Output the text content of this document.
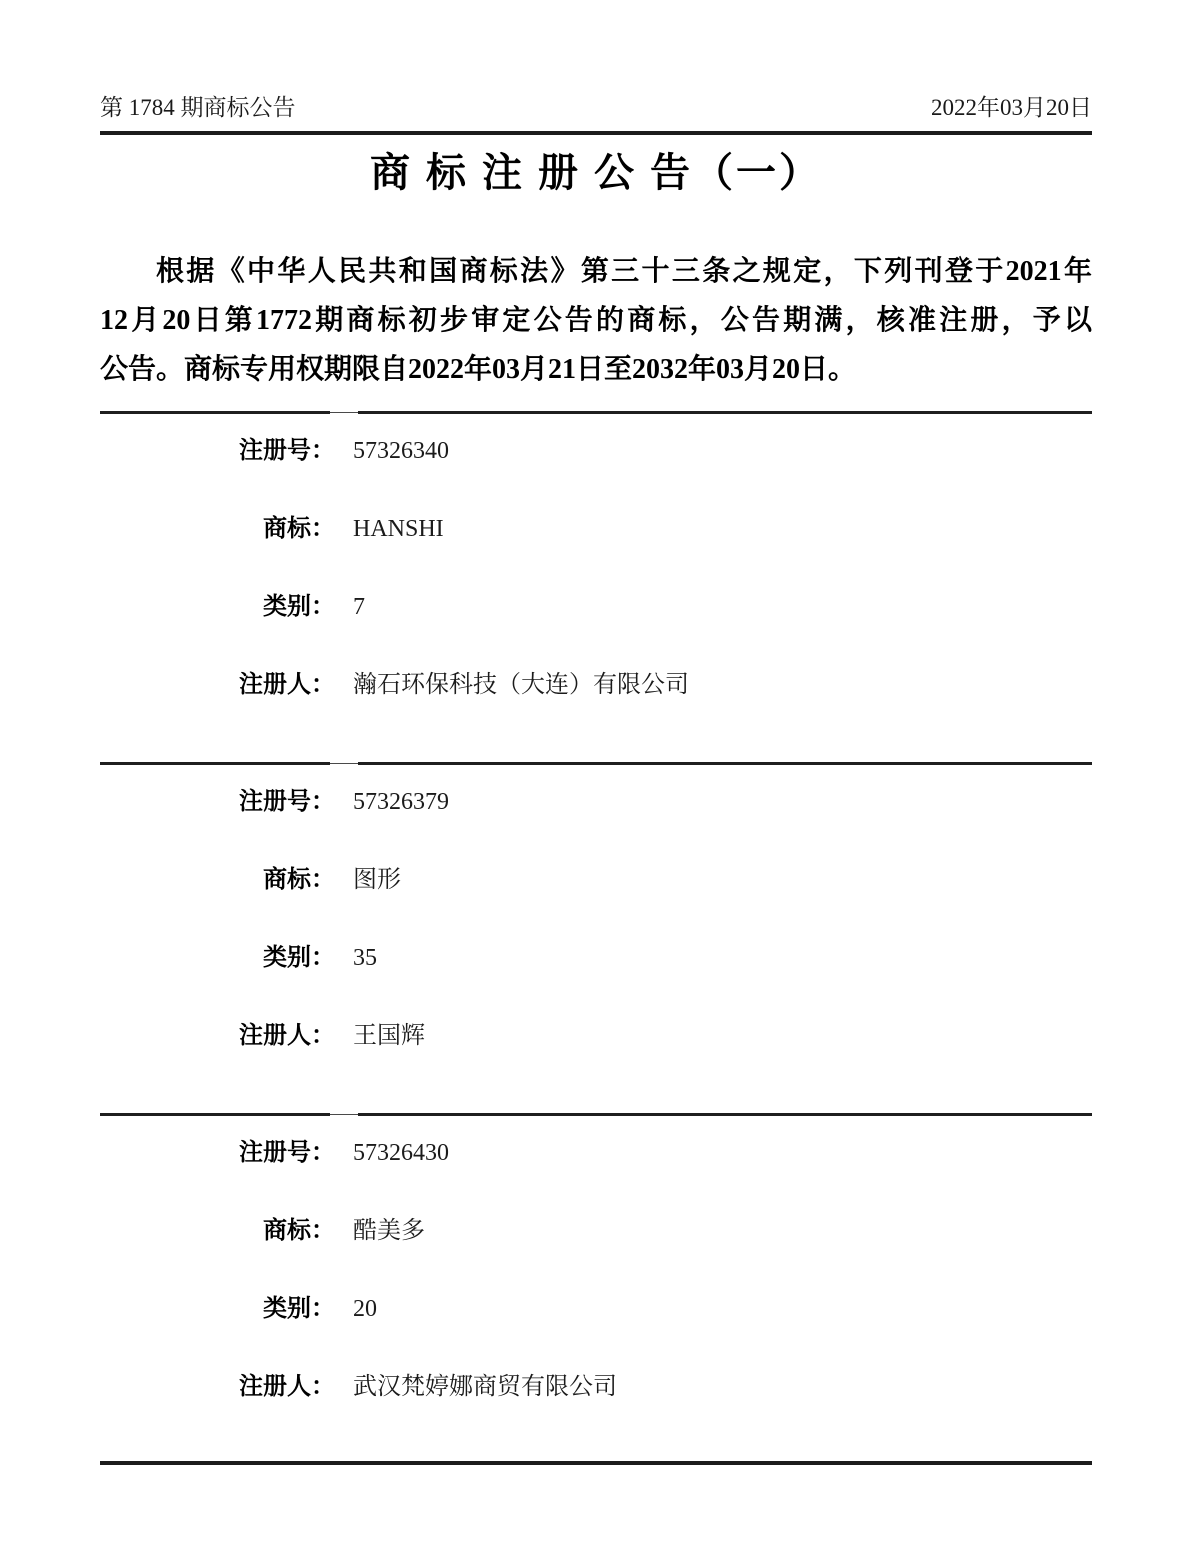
第 1784 期商标公告	2022年03月20日
商 标 注 册 公 告（一）
根据《中华人民共和国商标法》第三十三条之规定，下列刊登于2021年
12月20日第1772期商标初步审定公告的商标，公告期满，核准注册，予以
公告。商标专用权期限自2022年03月21日至2032年03月20日。
注册号： 57326340
商标： HANSHI
类别： 7
注册人： 瀚石环保科技（大连）有限公司
注册号： 57326379
商标： 图形
类别： 35
注册人： 王国辉
注册号： 57326430
商标： 酷美多
类别： 20
注册人： 武汉梵婷娜商贸有限公司
